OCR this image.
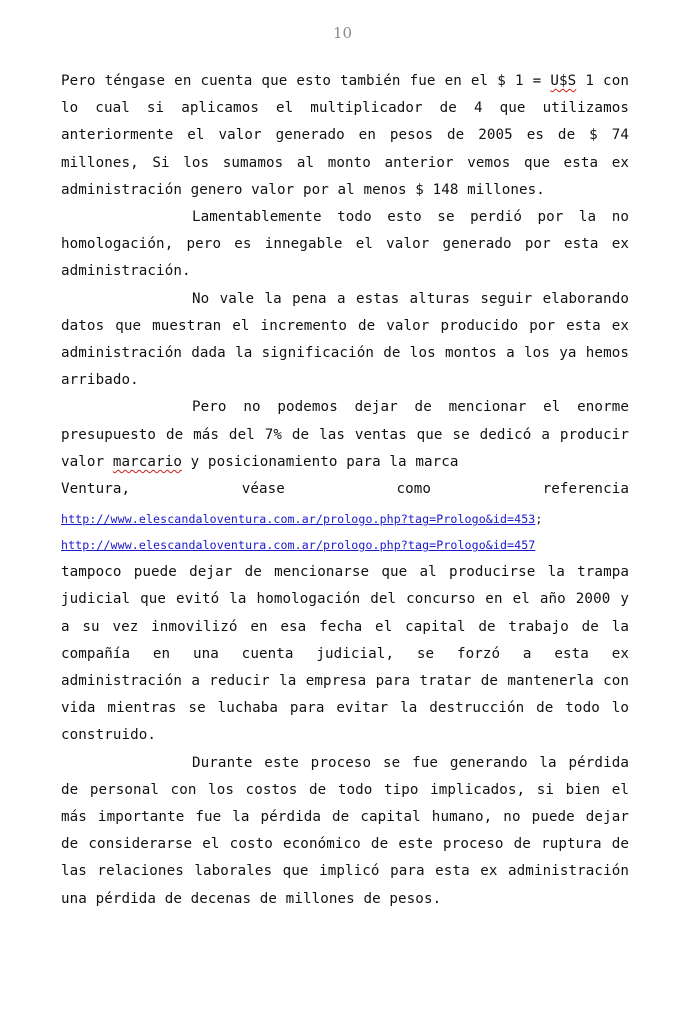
10

Pero téngase en cuenta que esto también fue en el $ 1 = U$S 1 con lo cual si aplicamos el multiplicador de 4 que utilizamos anteriormente el valor generado en pesos de 2005 es de $ 74 millones, Si los sumamos al monto anterior vemos que esta ex administración genero valor por al menos $ 148 millones.

Lamentablemente todo esto se perdió por la no homologación, pero es innegable el valor generado por esta ex administración.

No vale la pena a estas alturas seguir elaborando datos que muestran el incremento de valor producido por esta ex administración dada la significación de los montos a los ya hemos arribado.

Pero no podemos dejar de mencionar el enorme presupuesto de más del 7% de las ventas que se dedicó a producir valor marcario y posicionamiento para la marca

Ventura, véase como referencia

http://www.elescandaloventura.com.ar/prologo.php?tag=Prologo&id=453;
http://www.elescandaloventura.com.ar/prologo.php?tag=Prologo&id=457

tampoco puede dejar de mencionarse que al producirse la trampa judicial que evitó la homologación del concurso en el año 2000 y a su vez inmovilizó en esa fecha el capital de trabajo de la compañía en una cuenta judicial, se forzó a esta ex administración a reducir la empresa para tratar de mantenerla con vida mientras se luchaba para evitar la destrucción de todo lo construido.

Durante este proceso se fue generando la pérdida de personal con los costos de todo tipo implicados, si bien el más importante fue la pérdida de capital humano, no puede dejar de considerarse el costo económico de este proceso de ruptura de las relaciones laborales que implicó para esta ex administración una pérdida de decenas de millones de pesos.
